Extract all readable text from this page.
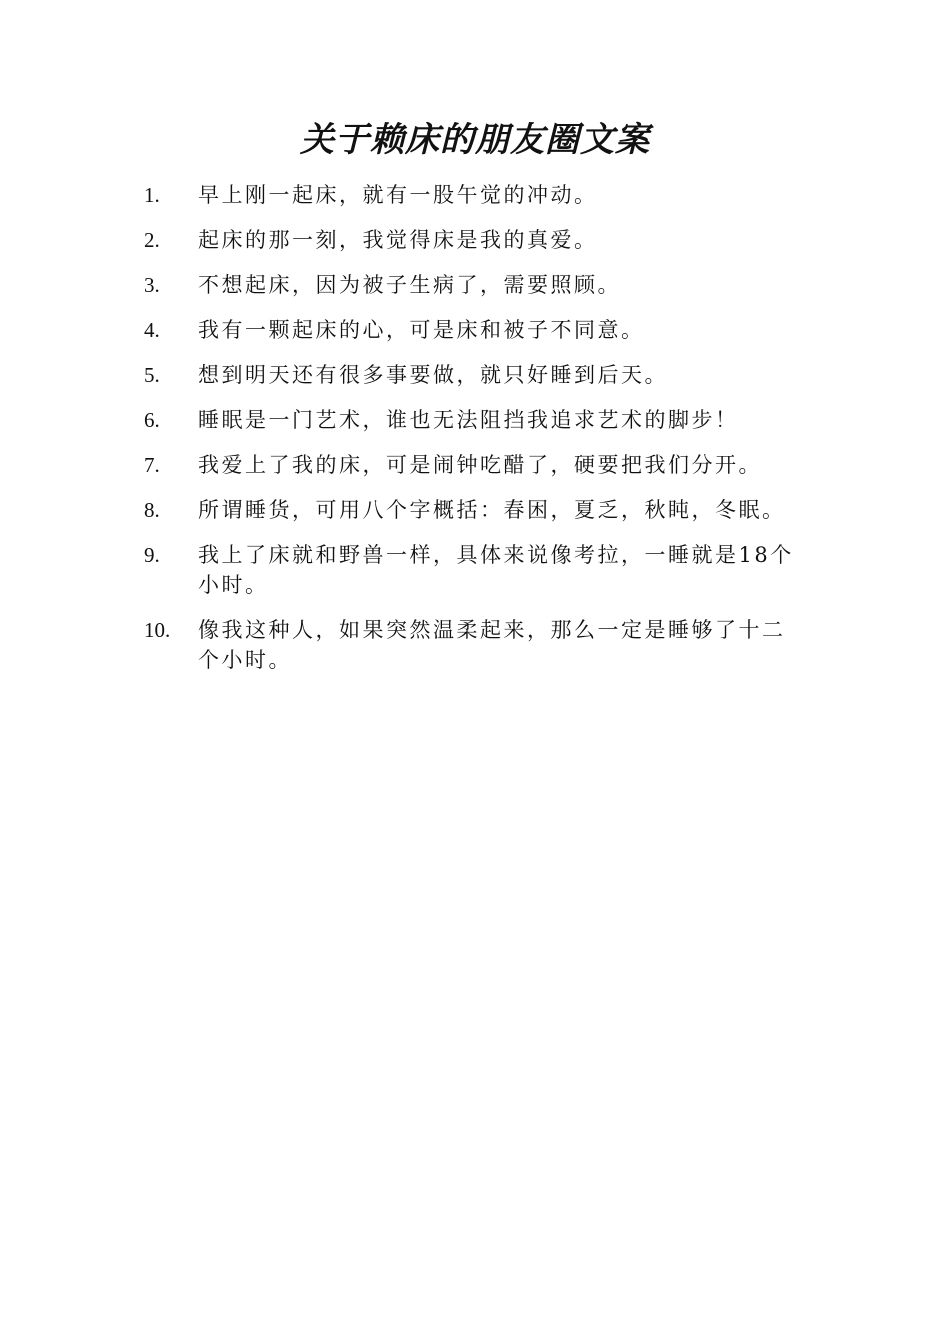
关于赖床的朋友圈文案
1.	早上刚一起床，就有一股午觉的冲动。
2.	起床的那一刻，我觉得床是我的真爱。
3.	不想起床，因为被子生病了，需要照顾。
4.	我有一颗起床的心，可是床和被子不同意。
5.	想到明天还有很多事要做，就只好睡到后天。
6.	睡眠是一门艺术，谁也无法阻挡我追求艺术的脚步！
7.	我爱上了我的床，可是闹钟吃醋了，硬要把我们分开。
8.	所谓睡货，可用八个字概括：春困，夏乏，秋盹，冬眠。
9.	我上了床就和野兽一样，具体来说像考拉，一睡就是18个小时。
10.	像我这种人，如果突然温柔起来，那么一定是睡够了十二个小时。
